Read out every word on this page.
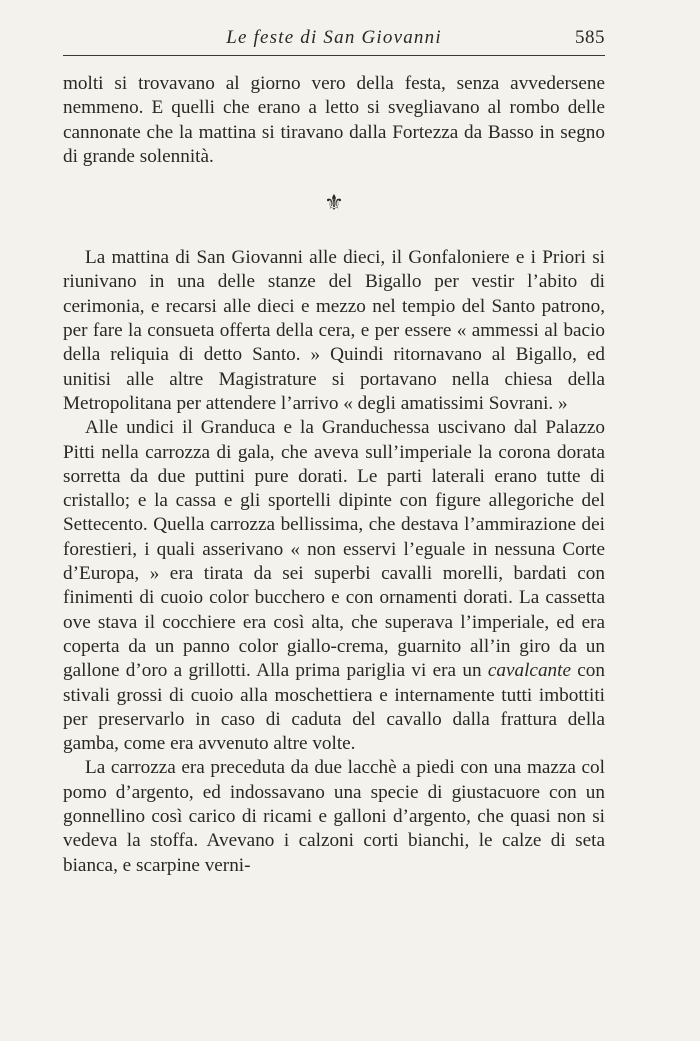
Le feste di San Giovanni	585

molti si trovavano al giorno vero della festa, senza avvedersene nemmeno. E quelli che erano a letto si svegliavano al rombo delle cannonate che la mattina si tiravano dalla Fortezza da Basso in segno di grande solennità.

⚜

La mattina di San Giovanni alle dieci, il Gonfaloniere e i Priori si riunivano in una delle stanze del Bigallo per vestir l’abito di cerimonia, e recarsi alle dieci e mezzo nel tempio del Santo patrono, per fare la consueta offerta della cera, e per essere « ammessi al bacio della reliquia di detto Santo. » Quindi ritornavano al Bigallo, ed unitisi alle altre Magistrature si portavano nella chiesa della Metropolitana per attendere l’arrivo « degli amatissimi Sovrani. »

Alle undici il Granduca e la Granduchessa uscivano dal Palazzo Pitti nella carrozza di gala, che aveva sull’imperiale la corona dorata sorretta da due puttini pure dorati. Le parti laterali erano tutte di cristallo; e la cassa e gli sportelli dipinte con figure allegoriche del Settecento. Quella carrozza bellissima, che destava l’ammirazione dei forestieri, i quali asserivano « non esservi l’eguale in nessuna Corte d’Europa, » era tirata da sei superbi cavalli morelli, bardati con finimenti di cuoio color bucchero e con ornamenti dorati. La cassetta ove stava il cocchiere era così alta, che superava l’imperiale, ed era coperta da un panno color giallo-crema, guarnito all’in giro da un gallone d’oro a grillotti. Alla prima pariglia vi era un cavalcante con stivali grossi di cuoio alla moschettiera e internamente tutti imbottiti per preservarlo in caso di caduta del cavallo dalla frattura della gamba, come era avvenuto altre volte.

La carrozza era preceduta da due lacchè a piedi con una mazza col pomo d’argento, ed indossavano una specie di giustacuore con un gonnellino così carico di ricami e galloni d’argento, che quasi non si vedeva la stoffa. Avevano i calzoni corti bianchi, le calze di seta bianca, e scarpine verni-
